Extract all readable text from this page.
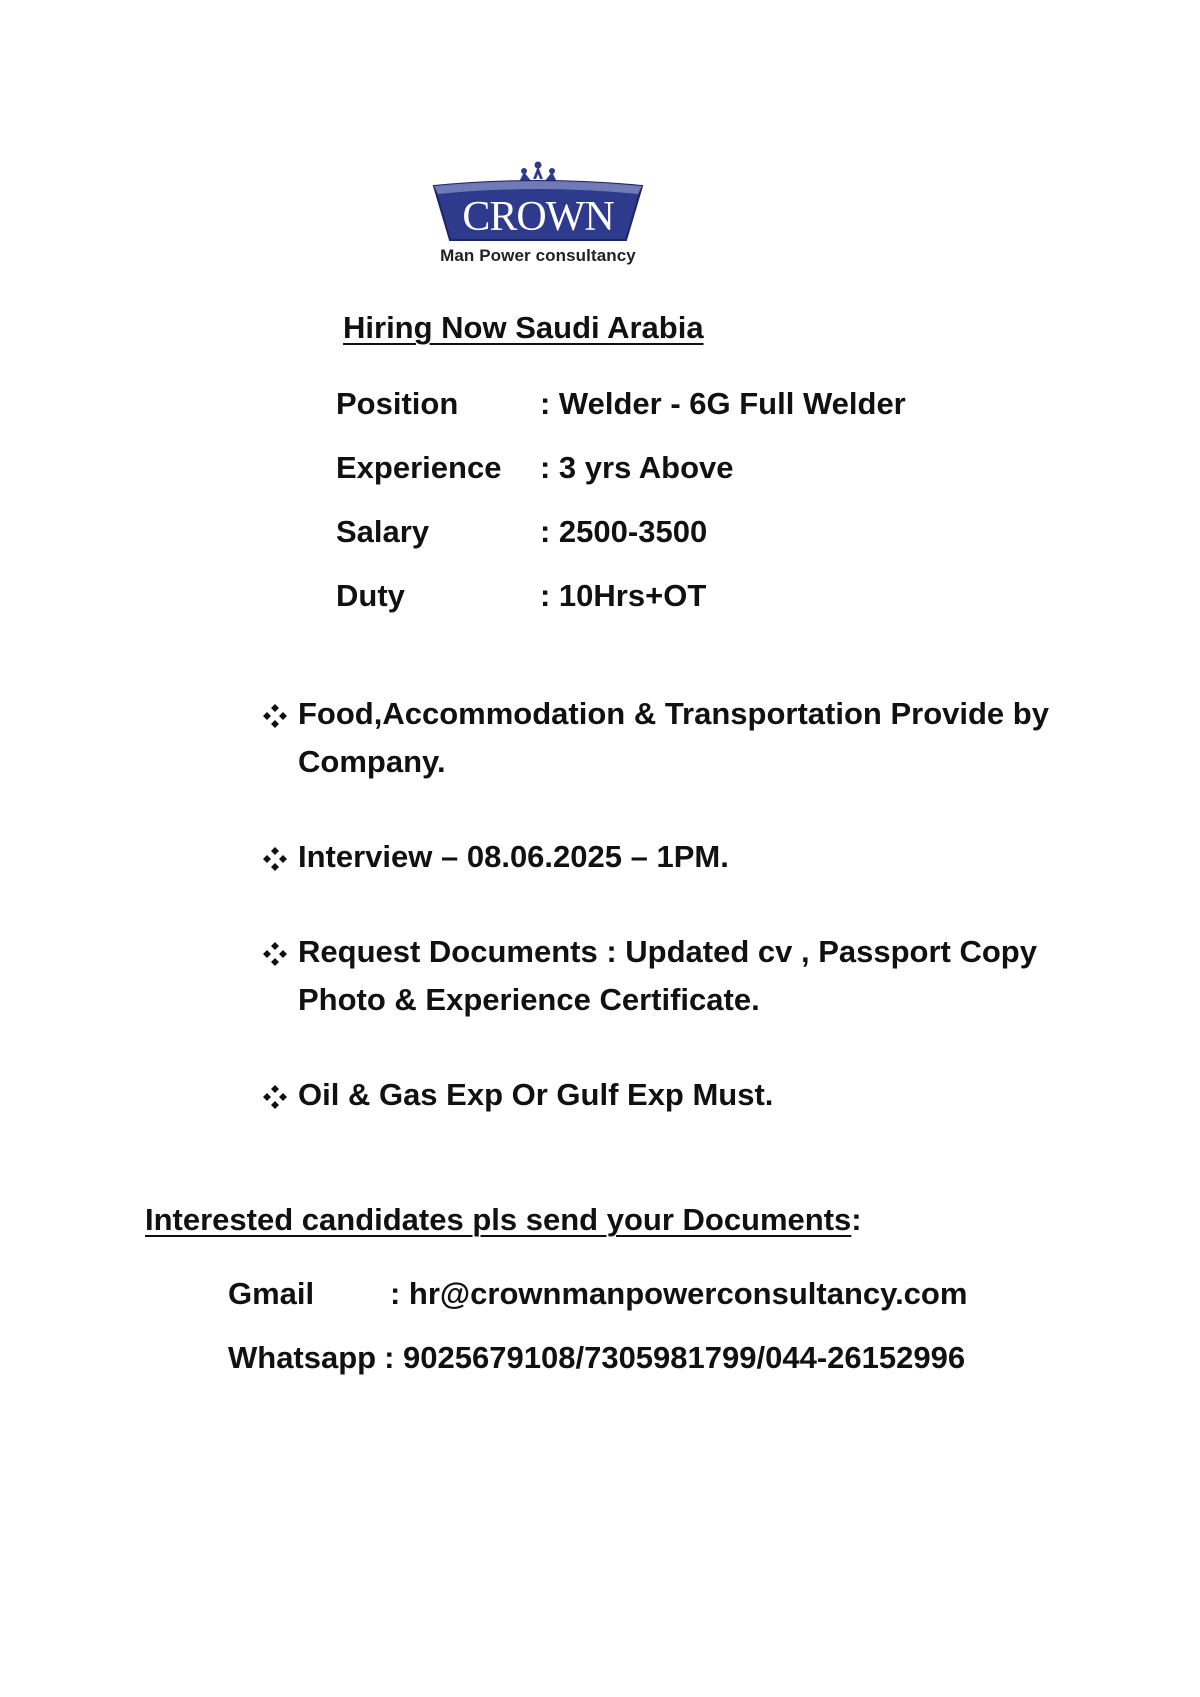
CROWN
Man Power consultancy
Hiring Now Saudi Arabia
Position	: Welder - 6G Full Welder
Experience	: 3 yrs Above
Salary	: 2500-3500
Duty	: 10Hrs+OT
Food,Accommodation & Transportation Provide by Company.
Interview – 08.06.2025 – 1PM.
Request Documents : Updated cv , Passport Copy Photo & Experience Certificate.
Oil & Gas Exp Or Gulf Exp Must.
Interested candidates pls send your Documents:
Gmail	: hr@crownmanpowerconsultancy.com
Whatsapp : 9025679108/7305981799/044-26152996
